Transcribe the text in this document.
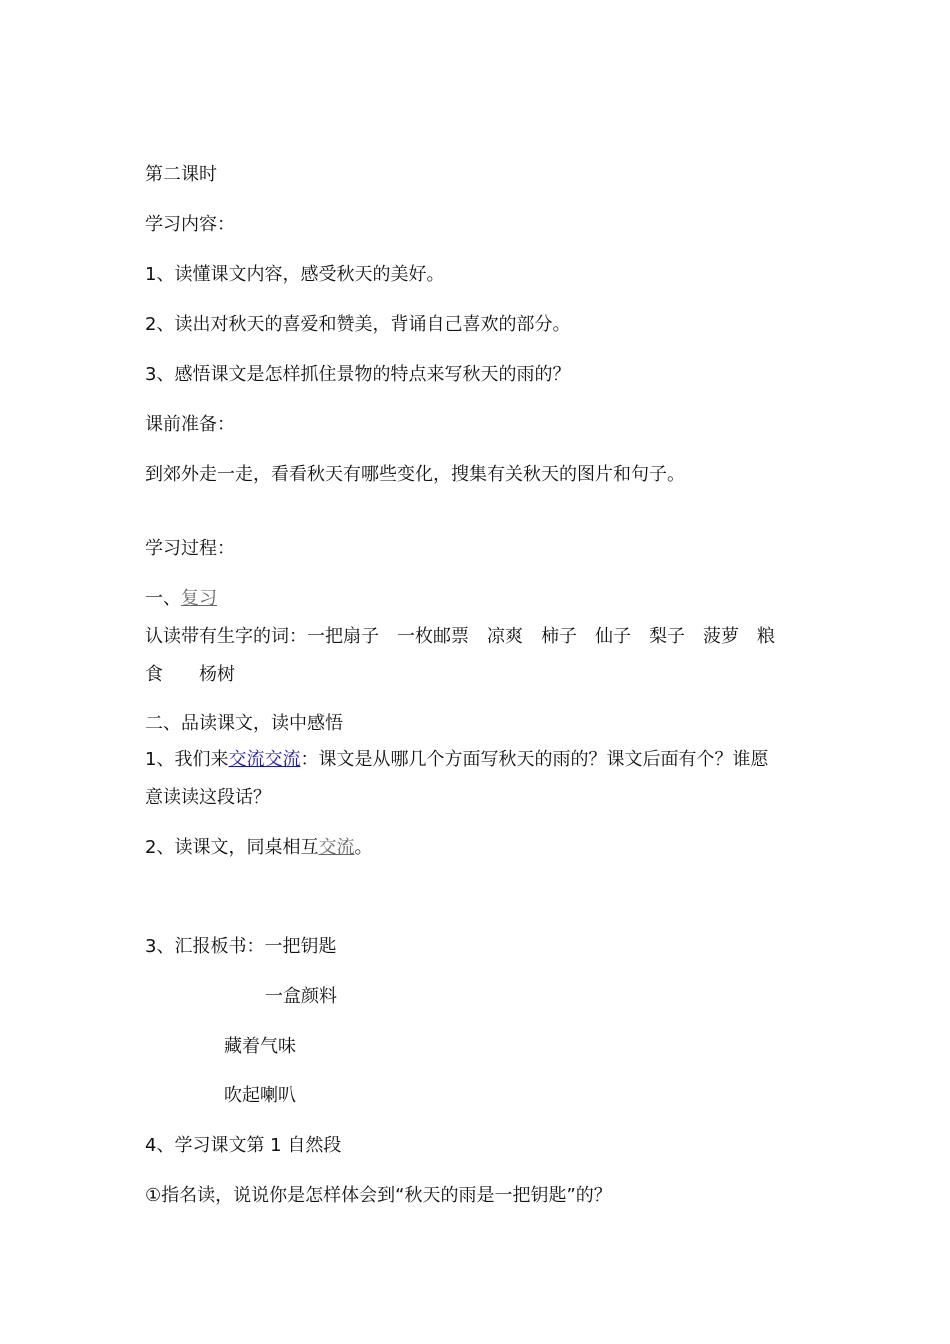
第二课时
学习内容：
1、读懂课文内容，感受秋天的美好。
2、读出对秋天的喜爱和赞美，背诵自己喜欢的部分。
3、感悟课文是怎样抓住景物的特点来写秋天的雨的？
课前准备：
到郊外走一走，看看秋天有哪些变化，搜集有关秋天的图片和句子。
学习过程：
一、复习
认读带有生字的词：一把扇子　一枚邮票　凉爽　柿子　仙子　梨子　菠萝　粮
食　　杨树
二、品读课文，读中感悟
1、我们来交流交流：课文是从哪几个方面写秋天的雨的？课文后面有个？谁愿
意读读这段话？
2、读课文，同桌相互交流。
3、汇报板书：一把钥匙
一盒颜料
藏着气味
吹起喇叭
4、学习课文第 1 自然段
①指名读，说说你是怎样体会到“秋天的雨是一把钥匙”的？
